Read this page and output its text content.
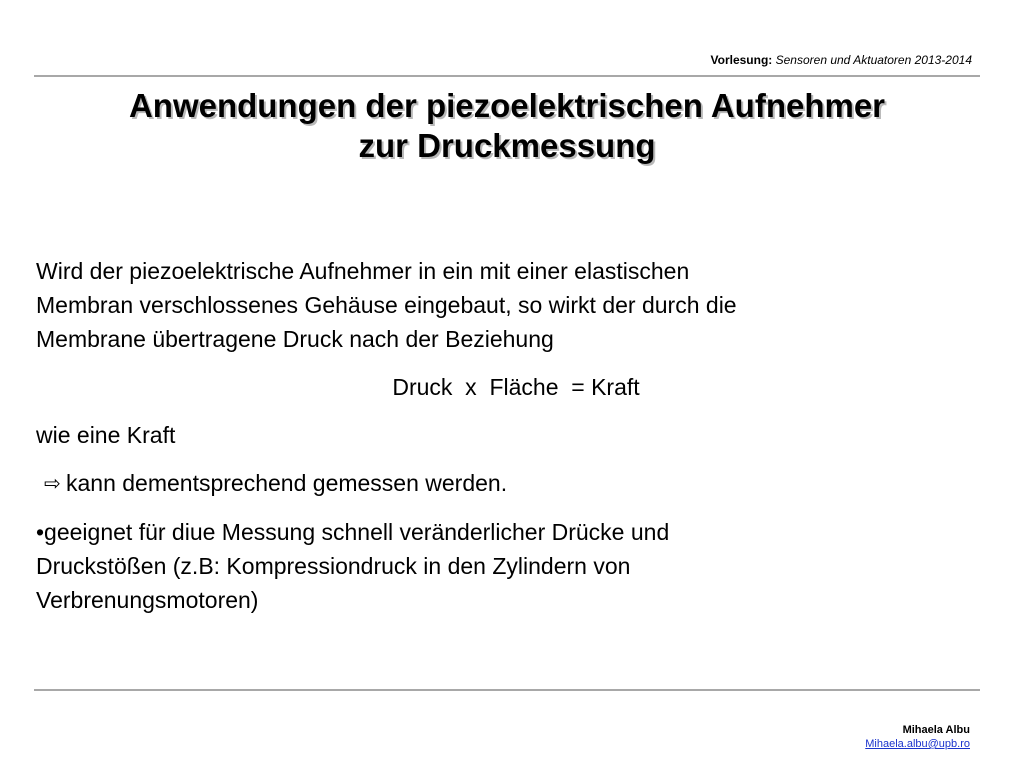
Vorlesung: Sensoren und Aktuatoren 2013-2014
Anwendungen der piezoelektrischen Aufnehmer
zur Druckmessung

Wird der piezoelektrische Aufnehmer in ein mit einer elastischen
Membran verschlossenes Gehäuse eingebaut, so wirkt der durch die
Membrane übertragene Druck nach der Beziehung

Druck  x  Fläche  = Kraft

wie eine Kraft

⇨ kann dementsprechend gemessen werden.

•geeignet für diue Messung schnell veränderlicher Drücke und
Druckstößen (z.B: Kompressiondruck in den Zylindern von
Verbrenungsmotoren)

Mihaela Albu
Mihaela.albu@upb.ro
